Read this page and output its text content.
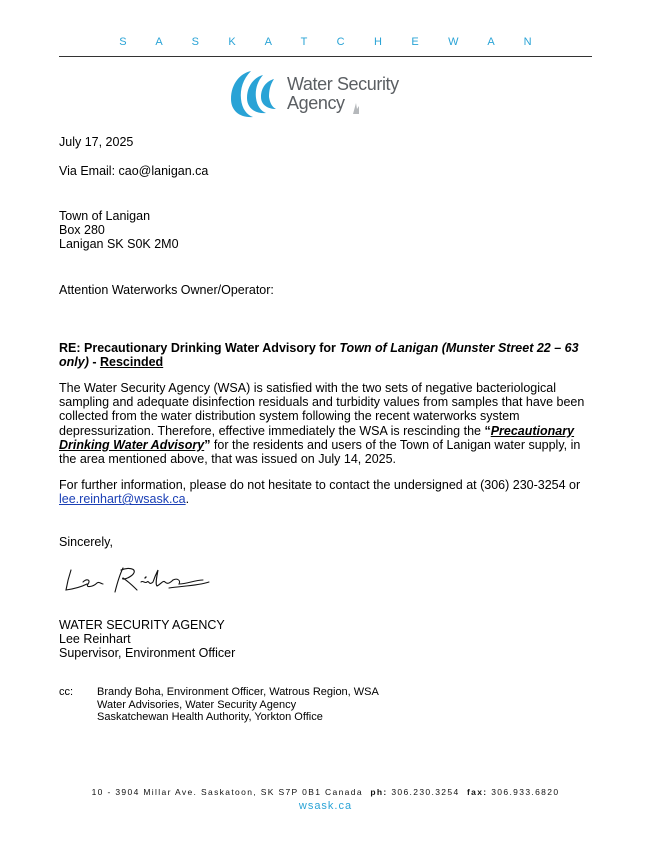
S A S K A T C H E W A N
Water Security
Agency
July 17, 2025
Via Email: cao@lanigan.ca
Town of Lanigan
Box 280
Lanigan SK S0K 2M0
Attention Waterworks Owner/Operator:
RE: Precautionary Drinking Water Advisory for Town of Lanigan (Munster Street 22 – 63 only) - Rescinded
The Water Security Agency (WSA) is satisfied with the two sets of negative bacteriological sampling and adequate disinfection residuals and turbidity values from samples that have been collected from the water distribution system following the recent waterworks system depressurization. Therefore, effective immediately the WSA is rescinding the “Precautionary Drinking Water Advisory” for the residents and users of the Town of Lanigan water supply, in the area mentioned above, that was issued on July 14, 2025.
For further information, please do not hesitate to contact the undersigned at (306) 230-3254 or lee.reinhart@wsask.ca.
Sincerely,
WATER SECURITY AGENCY
Lee Reinhart
Supervisor, Environment Officer
cc: Brandy Boha, Environment Officer, Watrous Region, WSA
Water Advisories, Water Security Agency
Saskatchewan Health Authority, Yorkton Office
10 - 3904 Millar Ave. Saskatoon, SK S7P 0B1 Canada ph: 306.230.3254 fax: 306.933.6820
wsask.ca
